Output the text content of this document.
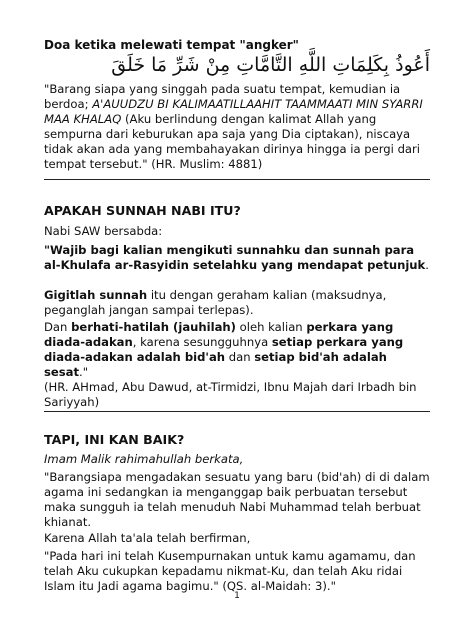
Doa ketika melewati tempat "angker"
أَعُوذُ بِكَلِمَاتِ اللَّهِ التَّامَّاتِ مِنْ شَرِّ مَا خَلَقَ

"Barang siapa yang singgah pada suatu tempat, kemudian ia berdoa; A'AUUDZU BI KALIMAATILLAAHIT TAAMMAATI MIN SYARRI MAA KHALAQ (Aku berlindung dengan kalimat Allah yang sempurna dari keburukan apa saja yang Dia ciptakan), niscaya tidak akan ada yang membahayakan dirinya hingga ia pergi dari tempat tersebut." (HR. Muslim: 4881)

APAKAH SUNNAH NABI ITU?

Nabi SAW bersabda:

"Wajib bagi kalian mengikuti sunnahku dan sunnah para al-Khulafa ar-Rasyidin setelahku yang mendapat petunjuk.

Gigitlah sunnah itu dengan geraham kalian (maksudnya, peganglah jangan sampai terlepas).

Dan berhati-hatilah (jauhilah) oleh kalian perkara yang diada-adakan, karena sesungguhnya setiap perkara yang diada-adakan adalah bid'ah dan setiap bid'ah adalah sesat."

(HR. AHmad, Abu Dawud, at-Tirmidzi, Ibnu Majah dari Irbadh bin Sariyyah)

TAPI, INI KAN BAIK?

Imam Malik rahimahullah berkata,

"Barangsiapa mengadakan sesuatu yang baru (bid'ah) di di dalam agama ini sedangkan ia menganggap baik perbuatan tersebut maka sungguh ia telah menuduh Nabi Muhammad telah berbuat khianat.

Karena Allah ta'ala telah berfirman,

"Pada hari ini telah Kusempurnakan untuk kamu agamamu, dan telah Aku cukupkan kepadamu nikmat-Ku, dan telah Aku ridai Islam itu Jadi agama bagimu." (QS. al-Maidah: 3)."

1
